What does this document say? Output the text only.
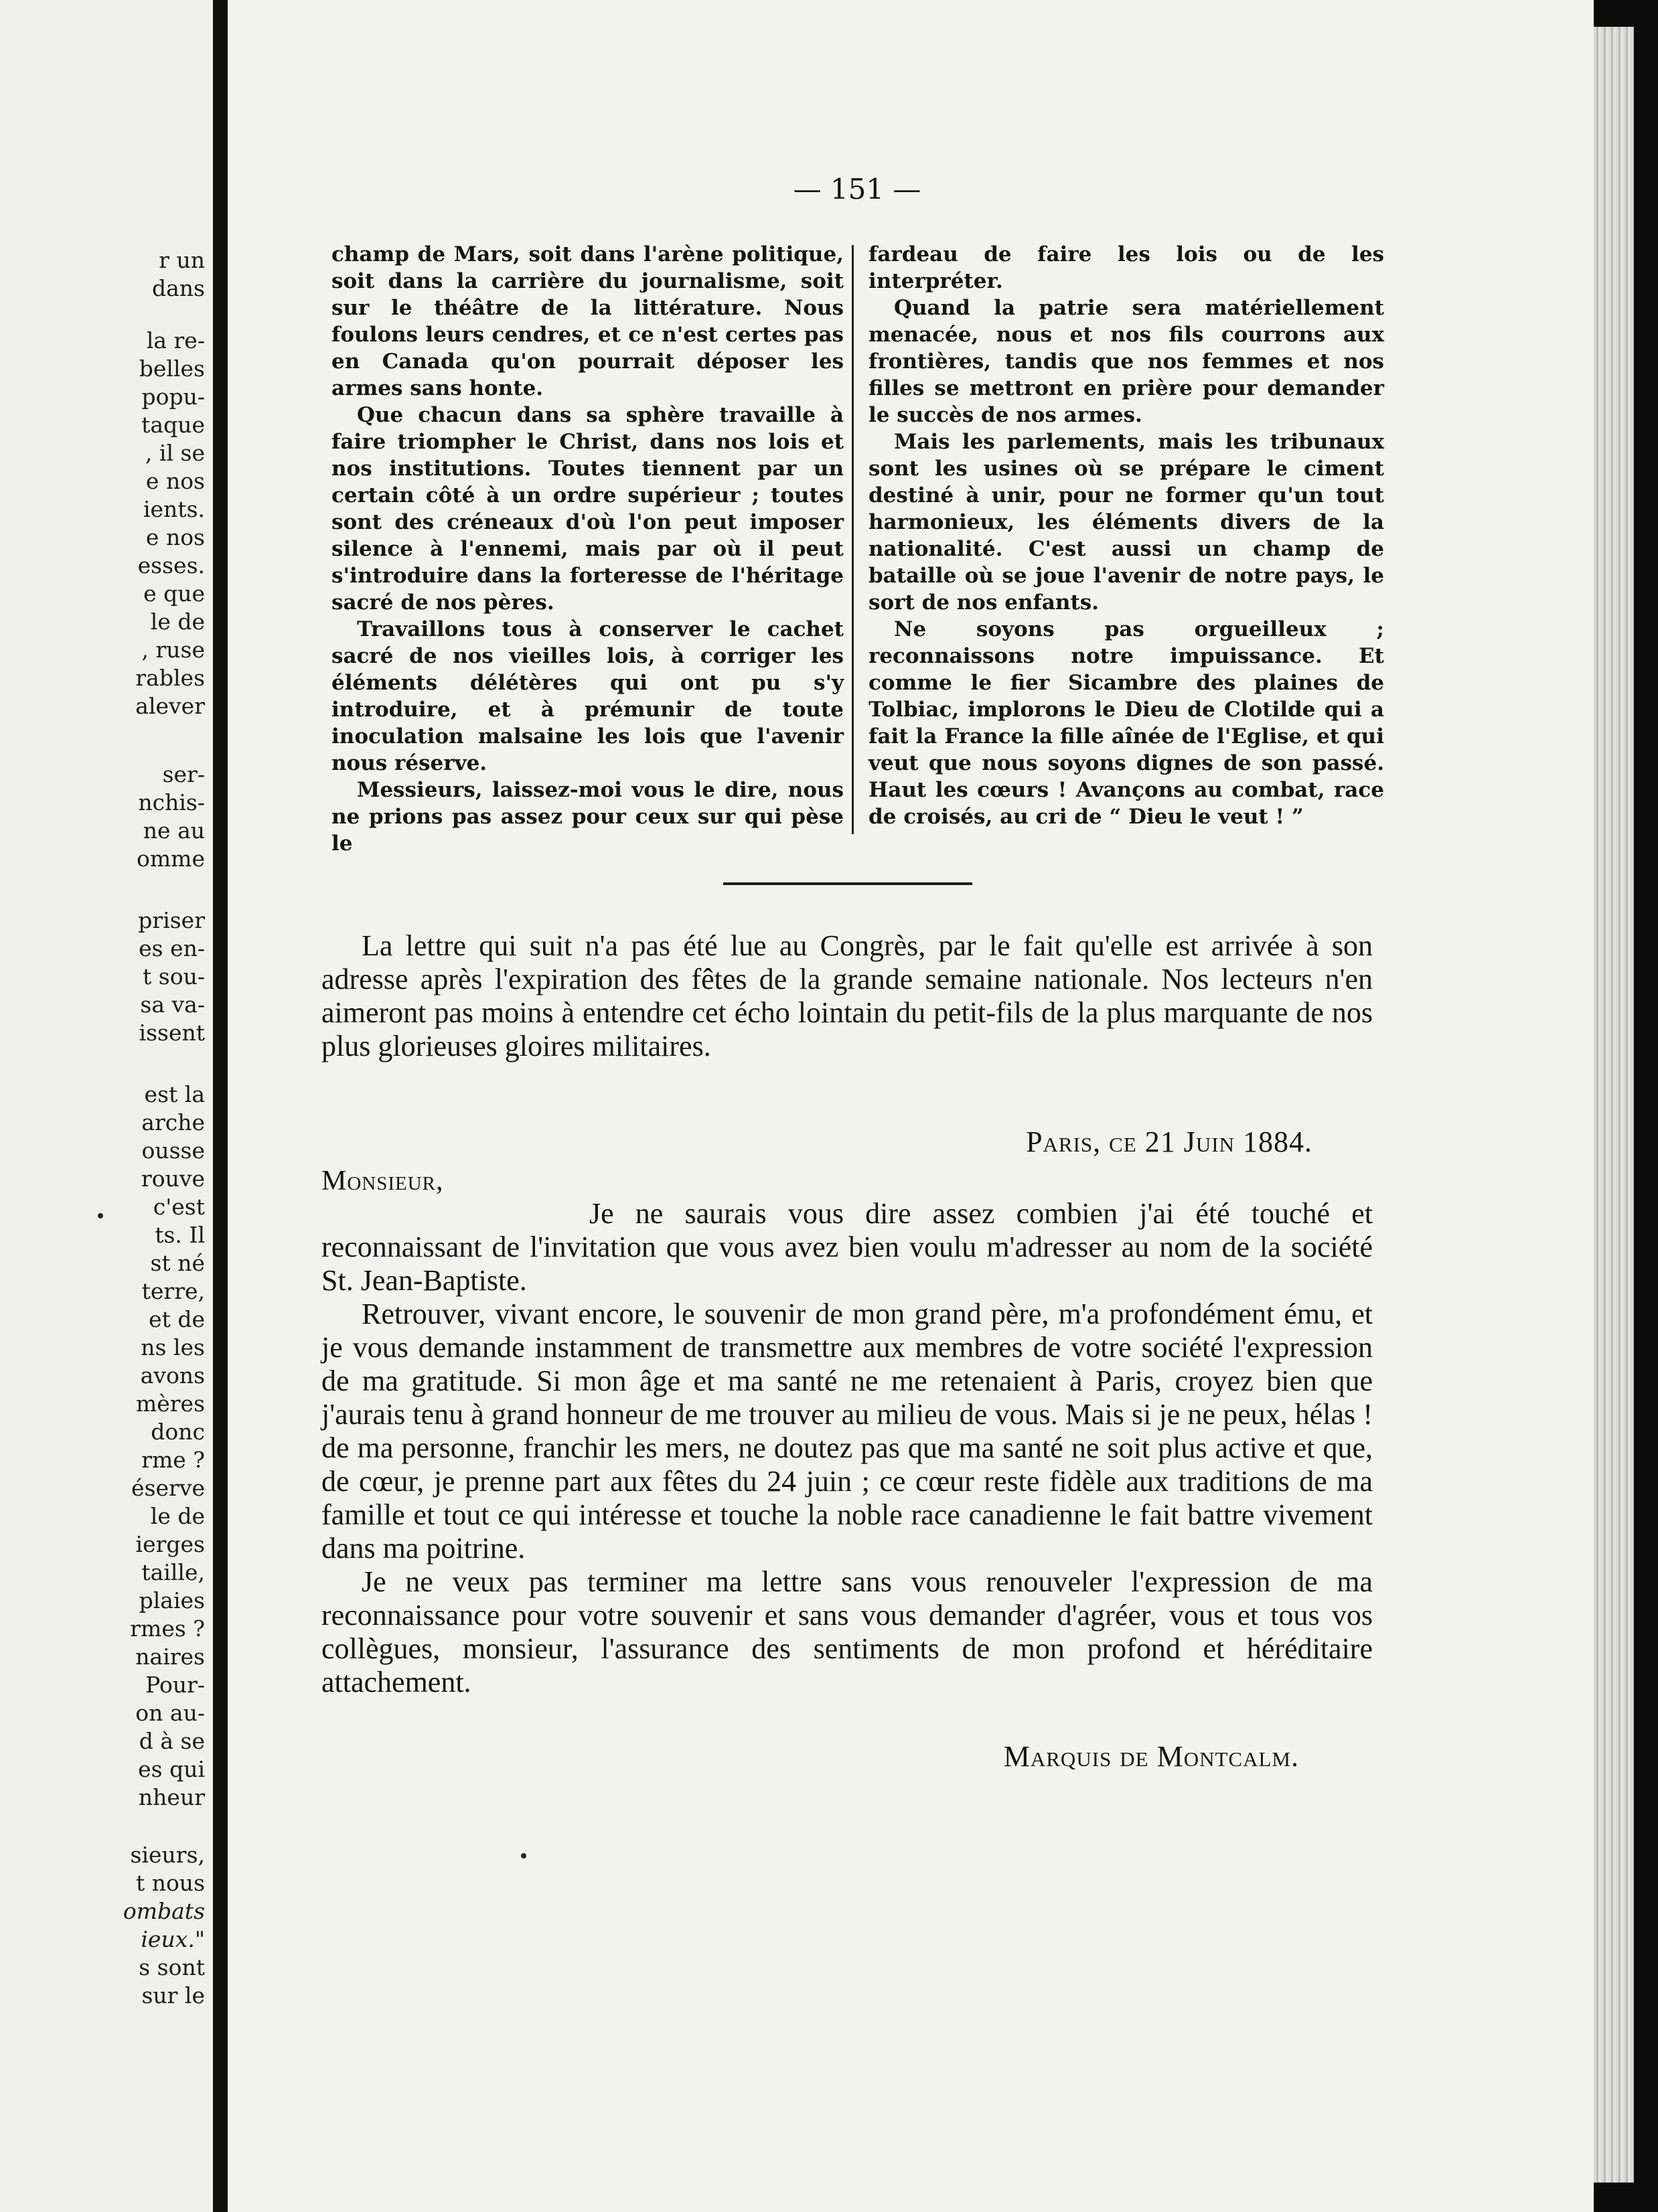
r un
dans
la re-
belles
popu-
taque
, il se
e nos
ients.
e nos
esses.
e que
le de
, ruse
rables
alever
ser-
nchis-
ne au
omme
priser
es en-
t sou-
sa va-
issent
est la
arche
ousse
rouve
c'est
ts. Il
st né
terre,
et de
ns les
avons
mères
donc
rme ?
éserve
le de
ierges
taille,
plaies
rmes ?
naires
Pour-
on au-
d à se
es qui
nheur
sieurs,
t nous
ombats
ieux."
s sont
sur le
— 151 —

champ de Mars, soit dans l'arène politique, soit dans la carrière du journalisme, soit sur le théâtre de la littérature. Nous foulons leurs cendres, et ce n'est certes pas en Canada qu'on pourrait déposer les armes sans honte.

Que chacun dans sa sphère travaille à faire triompher le Christ, dans nos lois et nos institutions. Toutes tiennent par un certain côté à un ordre supérieur ; toutes sont des créneaux d'où l'on peut imposer silence à l'ennemi, mais par où il peut s'introduire dans la forteresse de l'héritage sacré de nos pères.

Travaillons tous à conserver le cachet sacré de nos vieilles lois, à corriger les éléments délétères qui ont pu s'y introduire, et à prémunir de toute inoculation malsaine les lois que l'avenir nous réserve.

Messieurs, laissez-moi vous le dire, nous ne prions pas assez pour ceux sur qui pèse le

fardeau de faire les lois ou de les interpréter.

Quand la patrie sera matériellement menacée, nous et nos fils courrons aux frontières, tandis que nos femmes et nos filles se mettront en prière pour demander le succès de nos armes.

Mais les parlements, mais les tribunaux sont les usines où se prépare le ciment destiné à unir, pour ne former qu'un tout harmonieux, les éléments divers de la nationalité. C'est aussi un champ de bataille où se joue l'avenir de notre pays, le sort de nos enfants.

Ne soyons pas orgueilleux ; reconnaissons notre impuissance. Et comme le fier Sicambre des plaines de Tolbiac, implorons le Dieu de Clotilde qui a fait la France la fille aînée de l'Eglise, et qui veut que nous soyons dignes de son passé. Haut les cœurs ! Avançons au combat, race de croisés, au cri de “ Dieu le veut ! ”

La lettre qui suit n'a pas été lue au Congrès, par le fait qu'elle est arrivée à son adresse après l'expiration des fêtes de la grande semaine nationale. Nos lecteurs n'en aimeront pas moins à entendre cet écho lointain du petit-fils de la plus marquante de nos plus glorieuses gloires militaires.

Paris, ce 21 Juin 1884.
Monsieur,

Je ne saurais vous dire assez combien j'ai été touché et reconnaissant de l'invitation que vous avez bien voulu m'adresser au nom de la société St. Jean-Baptiste.

Retrouver, vivant encore, le souvenir de mon grand père, m'a profondément ému, et je vous demande instamment de transmettre aux membres de votre société l'expression de ma gratitude. Si mon âge et ma santé ne me retenaient à Paris, croyez bien que j'aurais tenu à grand honneur de me trouver au milieu de vous. Mais si je ne peux, hélas ! de ma personne, franchir les mers, ne doutez pas que ma santé ne soit plus active et que, de cœur, je prenne part aux fêtes du 24 juin ; ce cœur reste fidèle aux traditions de ma famille et tout ce qui intéresse et touche la noble race canadienne le fait battre vivement dans ma poitrine.

Je ne veux pas terminer ma lettre sans vous renouveler l'expression de ma reconnaissance pour votre souvenir et sans vous demander d'agréer, vous et tous vos collègues, monsieur, l'assurance des sentiments de mon profond et héréditaire attachement.

Marquis de Montcalm.
